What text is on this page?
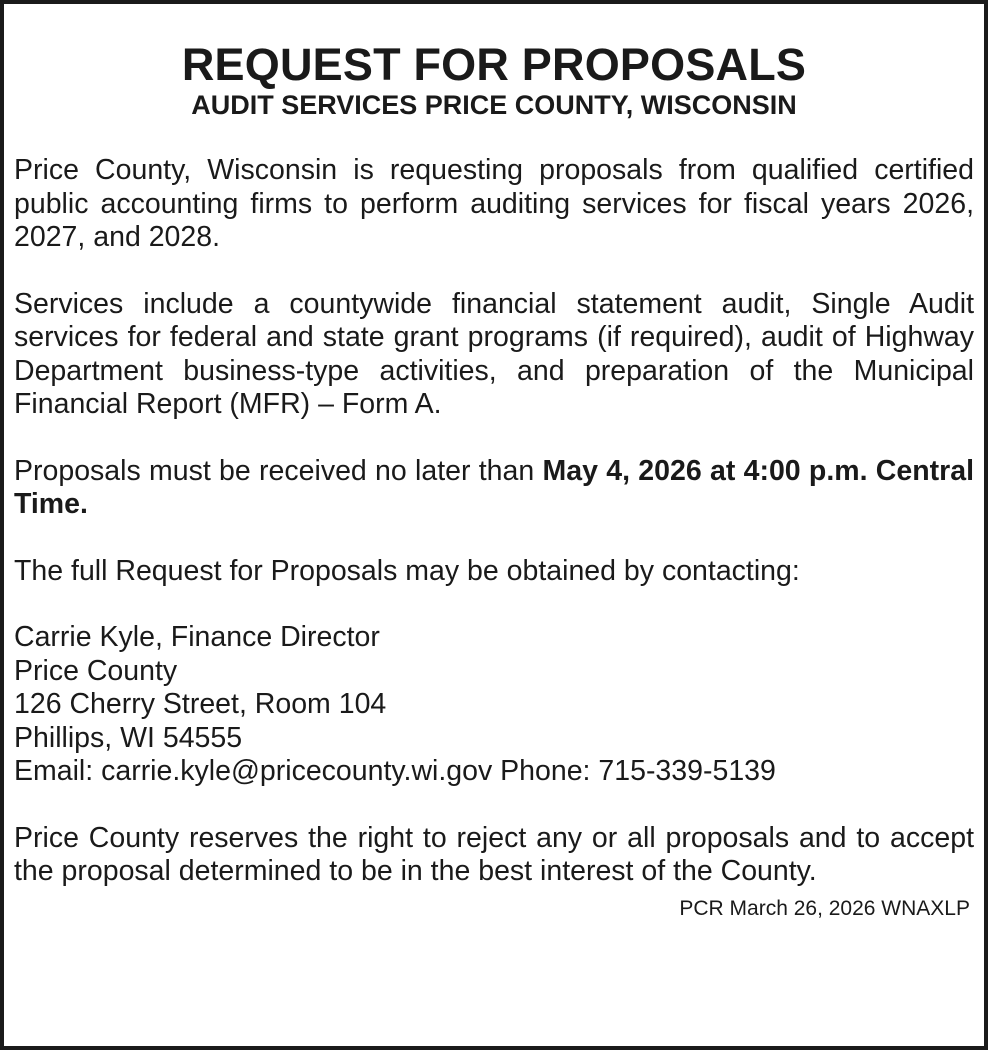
REQUEST FOR PROPOSALS
AUDIT SERVICES PRICE COUNTY, WISCONSIN

Price County, Wisconsin is requesting proposals from qualified certified public accounting firms to perform auditing services for fiscal years 2026, 2027, and 2028.

Services include a countywide financial statement audit, Single Audit services for federal and state grant programs (if required), audit of Highway Department business-type activities, and preparation of the Municipal Financial Report (MFR) – Form A.

Proposals must be received no later than May 4, 2026 at 4:00 p.m. Central Time.

The full Request for Proposals may be obtained by contacting:

Carrie Kyle, Finance Director

Price County

126 Cherry Street, Room 104

Phillips, WI 54555

Email: carrie.kyle@pricecounty.wi.gov Phone: 715-339-5139

Price County reserves the right to reject any or all proposals and to accept the proposal determined to be in the best interest of the County.

PCR March 26, 2026 WNAXLP
